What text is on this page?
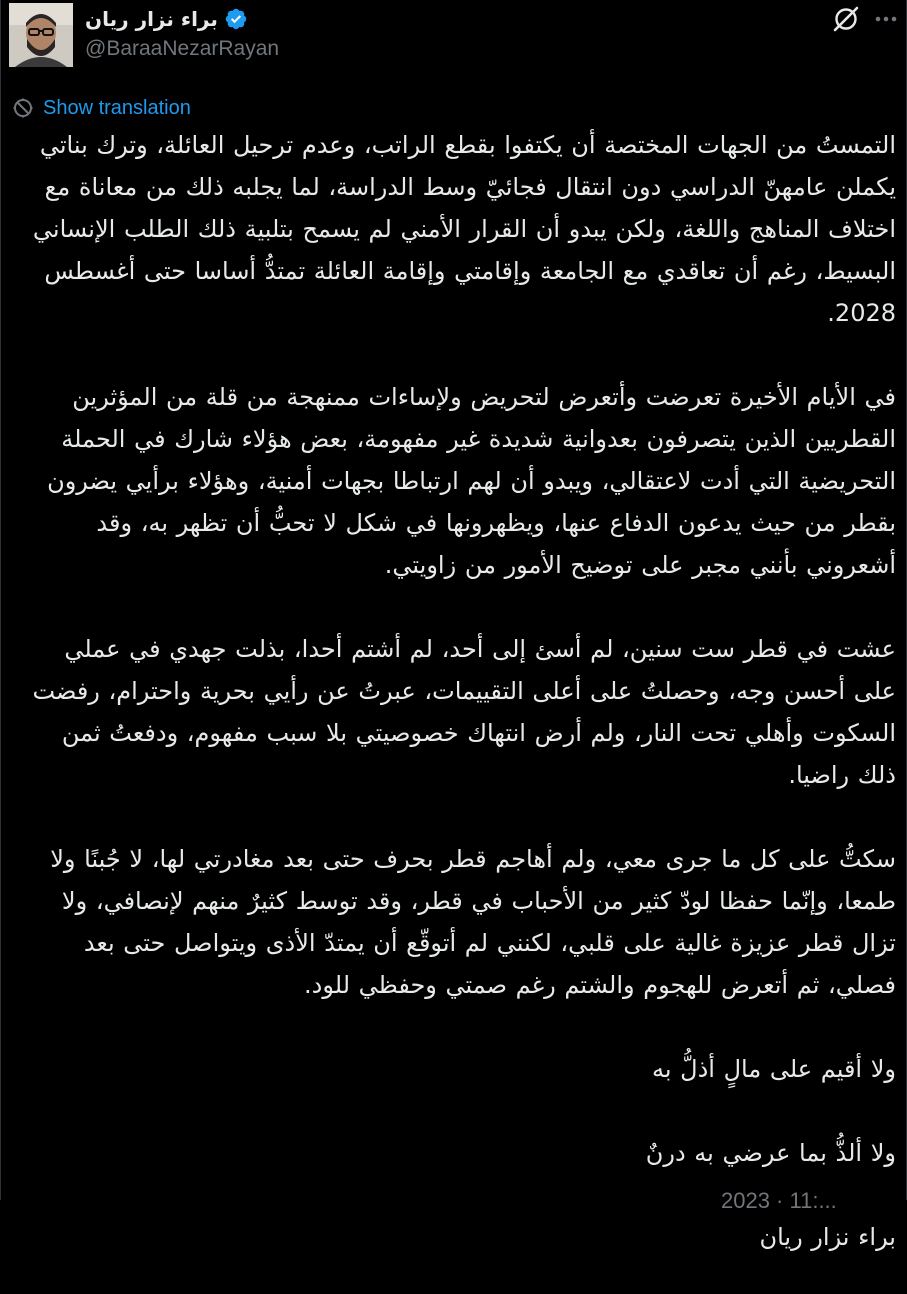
براء نزار ريان
@BaraaNezarRayan
Show translation

التمستُ من الجهات المختصة أن يكتفوا بقطع الراتب، وعدم ترحيل العائلة، وترك بناتي يكملن عامهنّ الدراسي دون انتقال فجائيّ وسط الدراسة، لما يجلبه ذلك من معاناة مع اختلاف المناهج واللغة، ولكن يبدو أن القرار الأمني لم يسمح بتلبية ذلك الطلب الإنساني البسيط، رغم أن تعاقدي مع الجامعة وإقامتي وإقامة العائلة تمتدُّ أساسا حتى أغسطس 2028.

في الأيام الأخيرة تعرضت وأتعرض لتحريض ولإساءات ممنهجة من قلة من المؤثرين القطريين الذين يتصرفون بعدوانية شديدة غير مفهومة، بعض هؤلاء شارك في الحملة التحريضية التي أدت لاعتقالي، ويبدو أن لهم ارتباطا بجهات أمنية، وهؤلاء برأيي يضرون بقطر من حيث يدعون الدفاع عنها، ويظهرونها في شكل لا تحبُّ أن تظهر به، وقد أشعروني بأنني مجبر على توضيح الأمور من زاويتي.

عشت في قطر ست سنين، لم أسئ إلى أحد، لم أشتم أحدا، بذلت جهدي في عملي على أحسن وجه، وحصلتُ على أعلى التقييمات، عبرتُ عن رأيي بحرية واحترام، رفضت السكوت وأهلي تحت النار، ولم أرض انتهاك خصوصيتي بلا سبب مفهوم، ودفعتُ ثمن ذلك راضيا.

سكتُّ على كل ما جرى معي، ولم أهاجم قطر بحرف حتى بعد مغادرتي لها، لا جُبنًا ولا طمعا، وإنّما حفظا لودّ كثير من الأحباب في قطر، وقد توسط كثيرٌ منهم لإنصافي، ولا تزال قطر عزيزة غالية على قلبي، لكنني لم أتوقّع أن يمتدّ الأذى ويتواصل حتى بعد فصلي، ثم أتعرض للهجوم والشتم رغم صمتي وحفظي للود.

ولا أقيم على مالٍ أذلُّ به

ولا ألذُّ بما عرضي به درنٌ

براء نزار ريان

2023 · 11:...
